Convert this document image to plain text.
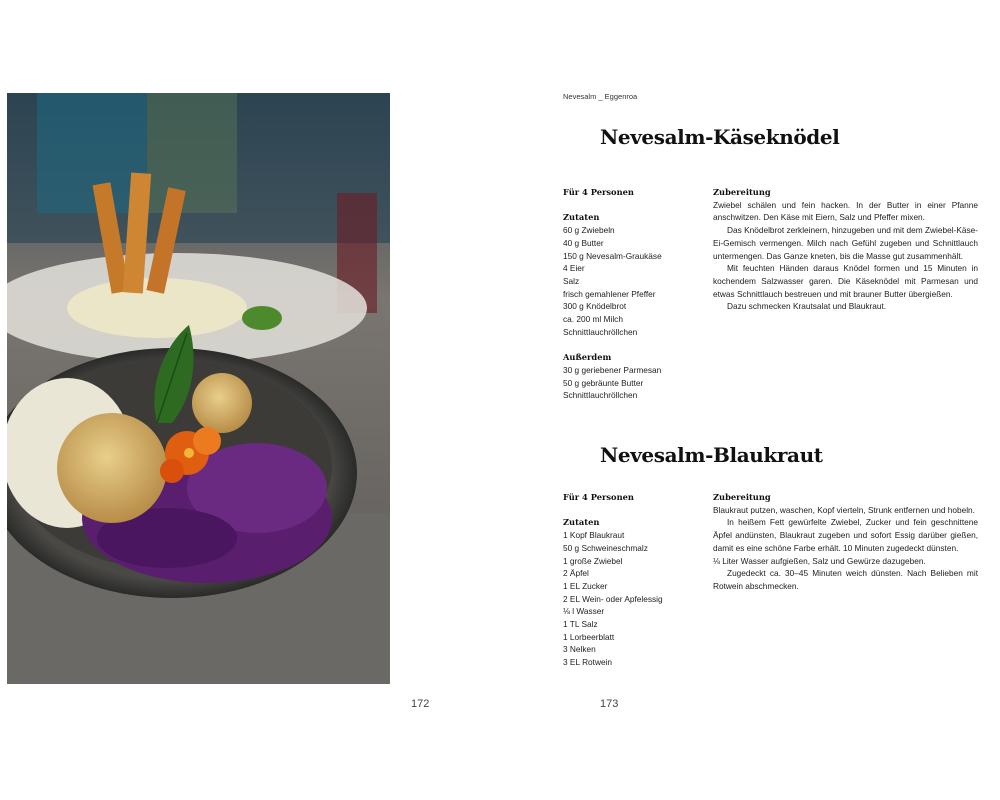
172	173
Nevesalm _ Eggenroa
Nevesalm-Käseknödel
Für 4 Personen
Zutaten
60 g Zwiebeln
40 g Butter
150 g Nevesalm-Graukäse
4 Eier
Salz
frisch gemahlener Pfeffer
300 g Knödelbrot
ca. 200 ml Milch
Schnittlauchröllchen
Außerdem
30 g geriebener Parmesan
50 g gebräunte Butter
Schnittlauchröllchen
Zubereitung

Zwiebel schälen und fein hacken. In der Butter in einer Pfanne anschwitzen. Den Käse mit Eiern, Salz und Pfeffer mixen.

Das Knödelbrot zerkleinern, hinzugeben und mit dem Zwiebel-Käse-Ei-Gemisch vermengen. Milch nach Gefühl zugeben und Schnittlauch untermengen. Das Ganze kneten, bis die Masse gut zusammenhält.

Mit feuchten Händen daraus Knödel formen und 15 Minuten in kochendem Salzwasser garen. Die Käseknödel mit Parmesan und etwas Schnittlauch bestreuen und mit brauner Butter übergießen.

Dazu schmecken Krautsalat und Blaukraut.

Nevesalm-Blaukraut
Für 4 Personen
Zutaten
1 Kopf Blaukraut
50 g Schweineschmalz
1 große Zwiebel
2 Äpfel
1 EL Zucker
2 EL Wein- oder Apfelessig
⅛ l Wasser
1 TL Salz
1 Lorbeerblatt
3 Nelken
3 EL Rotwein
Zubereitung

Blaukraut putzen, waschen, Kopf vierteln, Strunk entfernen und hobeln.

In heißem Fett gewürfelte Zwiebel, Zucker und fein geschnittene Äpfel andünsten, Blaukraut zugeben und sofort Essig darüber gießen, damit es eine schöne Farbe erhält. 10 Minuten zugedeckt dünsten.

⅛ Liter Wasser aufgießen, Salz und Gewürze dazugeben.

Zugedeckt ca. 30–45 Minuten weich dünsten. Nach Belieben mit Rotwein abschmecken.
